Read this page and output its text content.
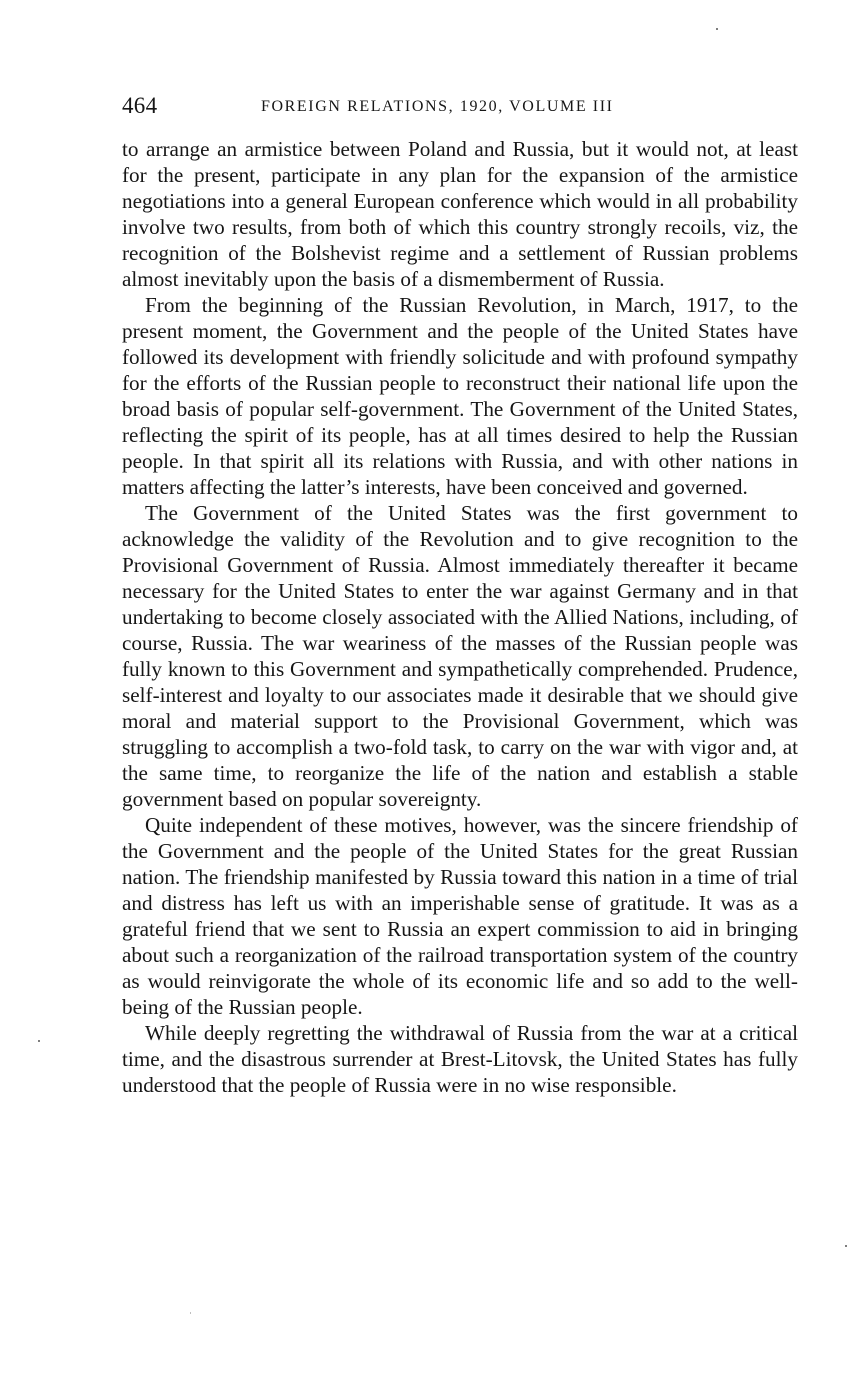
464	FOREIGN RELATIONS, 1920, VOLUME III

to arrange an armistice between Poland and Russia, but it would not, at least for the present, participate in any plan for the expansion of the armistice negotiations into a general European conference which would in all probability involve two results, from both of which this country strongly recoils, viz, the recognition of the Bolshevist regime and a settlement of Russian problems almost inevitably upon the basis of a dismemberment of Russia.

From the beginning of the Russian Revolution, in March, 1917, to the present moment, the Government and the people of the United States have followed its development with friendly solicitude and with profound sympathy for the efforts of the Russian people to reconstruct their national life upon the broad basis of popular self-government. The Government of the United States, reflecting the spirit of its people, has at all times desired to help the Russian people. In that spirit all its relations with Russia, and with other nations in matters affecting the latter’s interests, have been conceived and governed.

The Government of the United States was the first government to acknowledge the validity of the Revolution and to give recognition to the Provisional Government of Russia. Almost immediately thereafter it became necessary for the United States to enter the war against Germany and in that undertaking to become closely associated with the Allied Nations, including, of course, Russia. The war weariness of the masses of the Russian people was fully known to this Government and sympathetically comprehended. Prudence, self-interest and loyalty to our associates made it desirable that we should give moral and material support to the Provisional Government, which was struggling to accomplish a two-fold task, to carry on the war with vigor and, at the same time, to reorganize the life of the nation and establish a stable government based on popular sovereignty.

Quite independent of these motives, however, was the sincere friendship of the Government and the people of the United States for the great Russian nation. The friendship manifested by Russia toward this nation in a time of trial and distress has left us with an imperishable sense of gratitude. It was as a grateful friend that we sent to Russia an expert commission to aid in bringing about such a reorganization of the railroad transportation system of the country as would reinvigorate the whole of its economic life and so add to the well-being of the Russian people.

While deeply regretting the withdrawal of Russia from the war at a critical time, and the disastrous surrender at Brest-Litovsk, the United States has fully understood that the people of Russia were in no wise responsible.
